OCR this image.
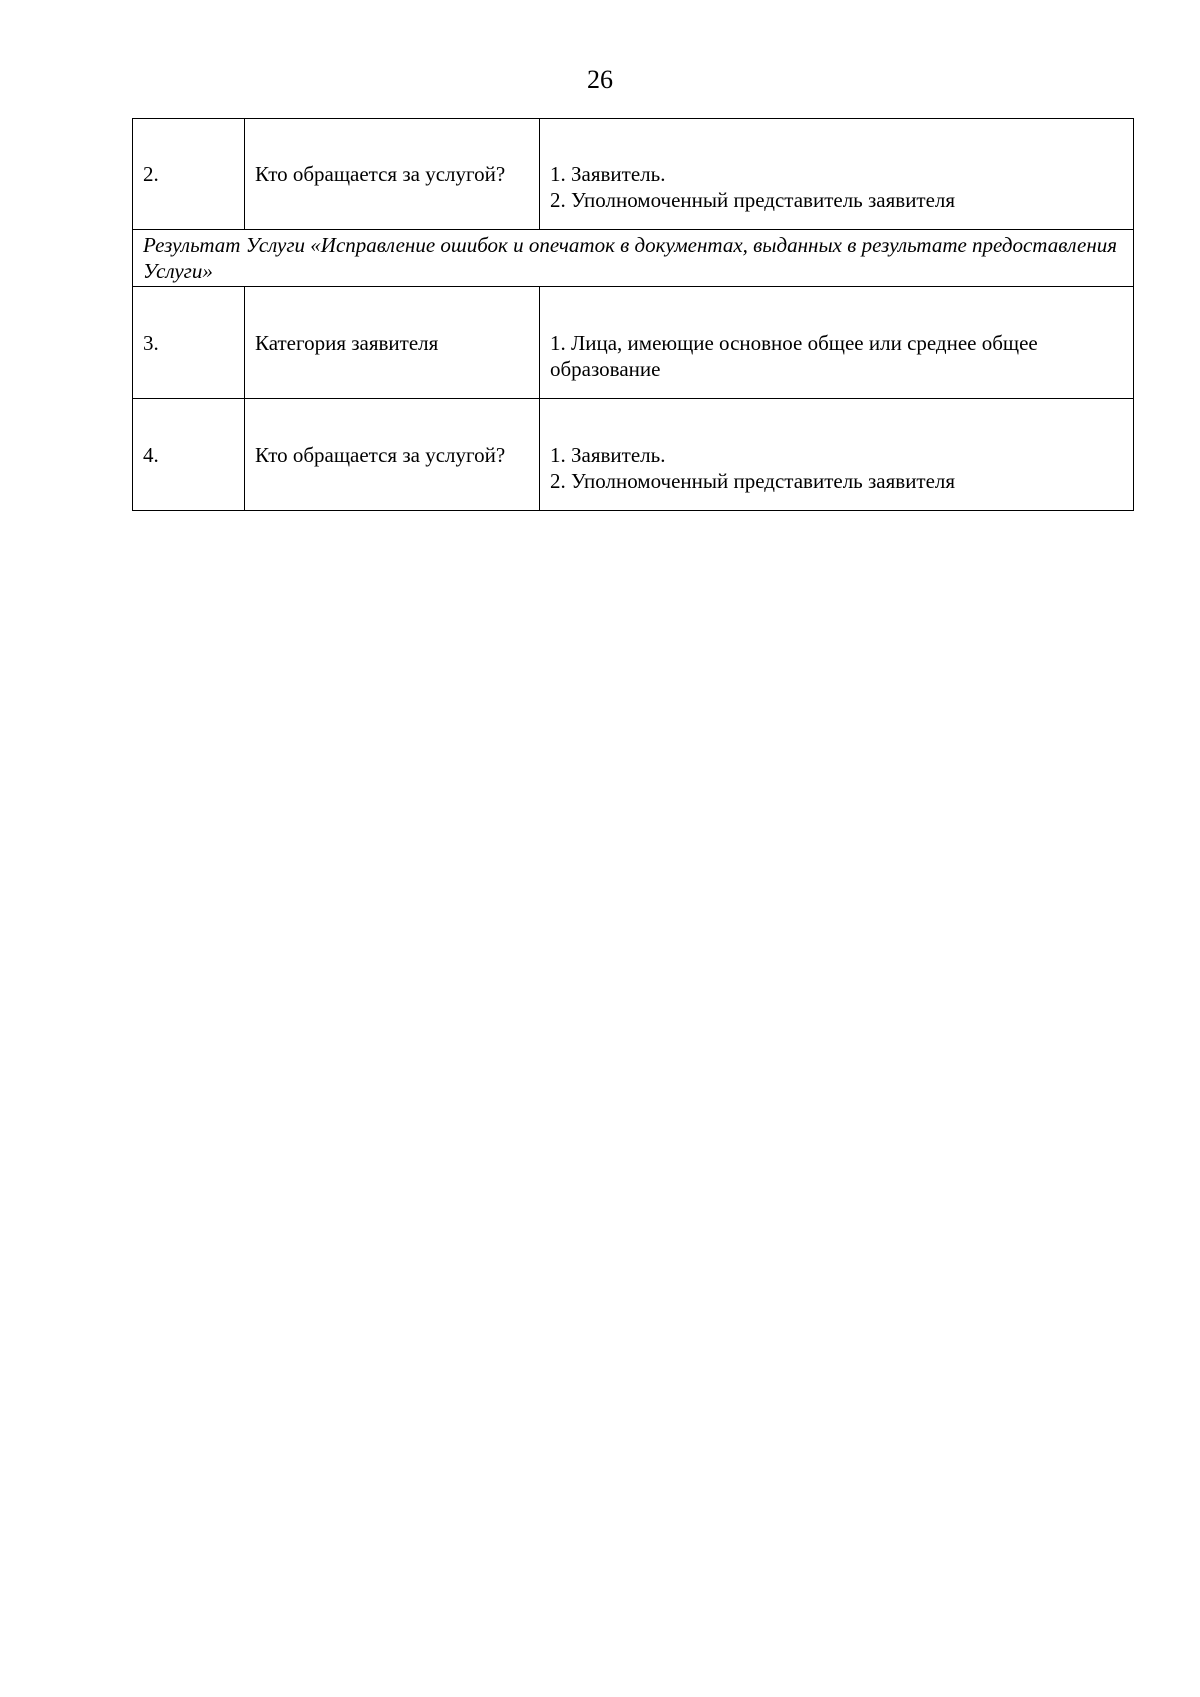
26
2.	Кто обращается за услугой?	1. Заявитель.
2. Уполномоченный представитель заявителя

Результат Услуги «Исправление ошибок и опечаток в документах, выданных в результате предоставления Услуги»		
3.	Категория заявителя	1. Лица, имеющие основное общее или среднее общее образование

4.	Кто обращается за услугой?	1. Заявитель.
2. Уполномоченный представитель заявителя
